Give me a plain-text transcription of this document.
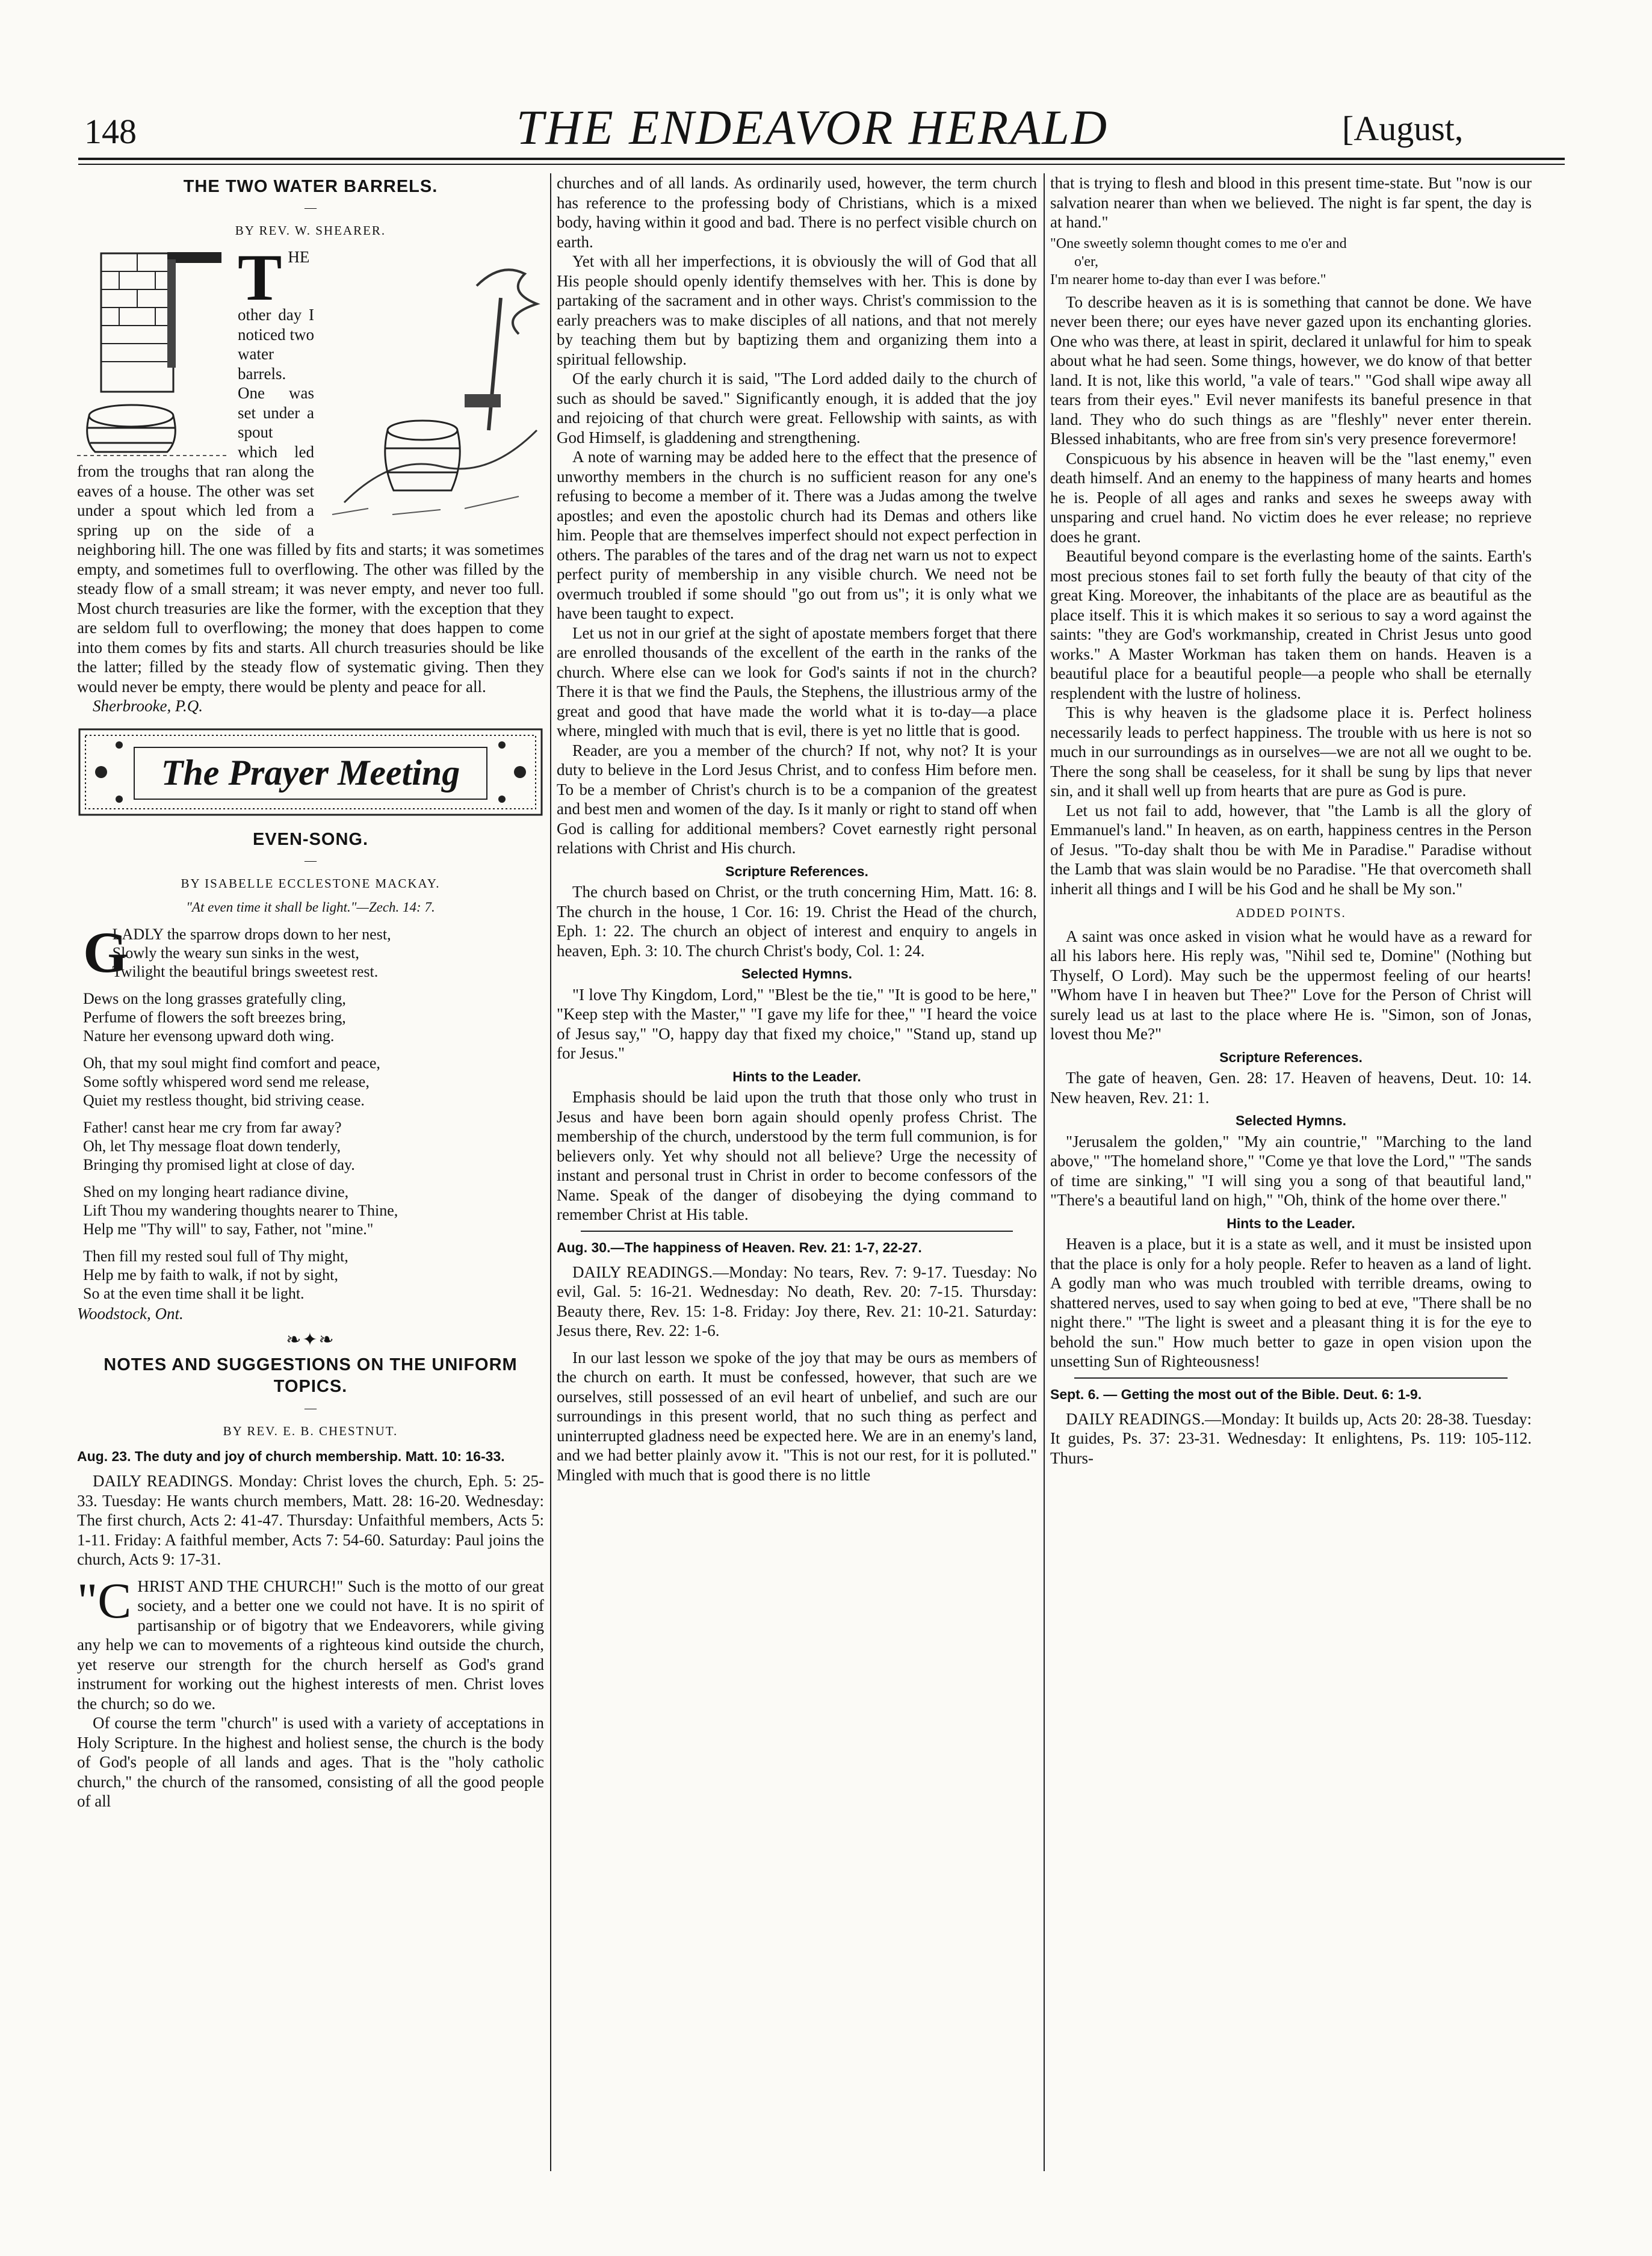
148	THE ENDEAVOR HERALD	[August,
THE TWO WATER BARRELS.
—
BY REV. W. SHEARER.

T HE other day I noticed two water barrels. One was set under a spout which led from the troughs that ran along the eaves of a house. The other was set under a spout which led from a spring up on the side of a neighboring hill. The one was filled by fits and starts; it was sometimes empty, and sometimes full to overflowing. The other was filled by the steady flow of a small stream; it was never empty, and never too full. Most church treasuries are like the former, with the exception that they are seldom full to overflowing; the money that does happen to come into them comes by fits and starts. All church treasuries should be like the latter; filled by the steady flow of systematic giving. Then they would never be empty, there would be plenty and peace for all.

Sherbrooke, P.Q.
The Prayer Meeting
EVEN-SONG.
—
BY ISABELLE ECCLESTONE MACKAY.
"At even time it shall be light."—Zech. 14: 7.
G
LADLY the sparrow drops down to her nest,
Slowly the weary sun sinks in the west,
Twilight the beautiful brings sweetest rest.
Dews on the long grasses gratefully cling,
Perfume of flowers the soft breezes bring,
Nature her evensong upward doth wing.
Oh, that my soul might find comfort and peace,
Some softly whispered word send me release,
Quiet my restless thought, bid striving cease.
Father! canst hear me cry from far away?
Oh, let Thy message float down tenderly,
Bringing thy promised light at close of day.
Shed on my longing heart radiance divine,
Lift Thou my wandering thoughts nearer to Thine,
Help me "Thy will" to say, Father, not "mine."
Then fill my rested soul full of Thy might,
Help me by faith to walk, if not by sight,
So at the even time shall it be light.
Woodstock, Ont.
❧✦❧
NOTES AND SUGGESTIONS ON THE UNIFORM TOPICS.
—
BY REV. E. B. CHESTNUT.
Aug. 23. The duty and joy of church membership. Matt. 10: 16-33.

DAILY READINGS. Monday: Christ loves the church, Eph. 5: 25-33. Tuesday: He wants church members, Matt. 28: 16-20. Wednesday: The first church, Acts 2: 41-47. Thursday: Unfaithful members, Acts 5: 1-11. Friday: A faithful member, Acts 7: 54-60. Saturday: Paul joins the church, Acts 9: 17-31.

"CHRIST AND THE CHURCH!" Such is the motto of our great society, and a better one we could not have. It is no spirit of partisanship or of bigotry that we Endeavorers, while giving any help we can to movements of a righteous kind outside the church, yet reserve our strength for the church herself as God's grand instrument for working out the highest interests of men. Christ loves the church; so do we.

Of course the term "church" is used with a variety of acceptations in Holy Scripture. In the highest and holiest sense, the church is the body of God's people of all lands and ages. That is the "holy catholic church," the church of the ransomed, consisting of all the good people of all

churches and of all lands. As ordinarily used, however, the term church has reference to the professing body of Christians, which is a mixed body, having within it good and bad. There is no perfect visible church on earth.

Yet with all her imperfections, it is obviously the will of God that all His people should openly identify themselves with her. This is done by partaking of the sacrament and in other ways. Christ's commission to the early preachers was to make disciples of all nations, and that not merely by teaching them but by baptizing them and organizing them into a spiritual fellowship.

Of the early church it is said, "The Lord added daily to the church of such as should be saved." Significantly enough, it is added that the joy and rejoicing of that church were great. Fellowship with saints, as with God Himself, is gladdening and strengthening.

A note of warning may be added here to the effect that the presence of unworthy members in the church is no sufficient reason for any one's refusing to become a member of it. There was a Judas among the twelve apostles; and even the apostolic church had its Demas and others like him. People that are themselves imperfect should not expect perfection in others. The parables of the tares and of the drag net warn us not to expect perfect purity of membership in any visible church. We need not be overmuch troubled if some should "go out from us"; it is only what we have been taught to expect.

Let us not in our grief at the sight of apostate members forget that there are enrolled thousands of the excellent of the earth in the ranks of the church. Where else can we look for God's saints if not in the church? There it is that we find the Pauls, the Stephens, the illustrious army of the great and good that have made the world what it is to-day—a place where, mingled with much that is evil, there is yet no little that is good.

Reader, are you a member of the church? If not, why not? It is your duty to believe in the Lord Jesus Christ, and to confess Him before men. To be a member of Christ's church is to be a companion of the greatest and best men and women of the day. Is it manly or right to stand off when God is calling for additional members? Covet earnestly right personal relations with Christ and His church.

Scripture References.

The church based on Christ, or the truth concerning Him, Matt. 16: 8. The church in the house, 1 Cor. 16: 19. Christ the Head of the church, Eph. 1: 22. The church an object of interest and enquiry to angels in heaven, Eph. 3: 10. The church Christ's body, Col. 1: 24.

Selected Hymns.

"I love Thy Kingdom, Lord," "Blest be the tie," "It is good to be here," "Keep step with the Master," "I gave my life for thee," "I heard the voice of Jesus say," "O, happy day that fixed my choice," "Stand up, stand up for Jesus."

Hints to the Leader.

Emphasis should be laid upon the truth that those only who trust in Jesus and have been born again should openly profess Christ. The membership of the church, understood by the term full communion, is for believers only. Yet why should not all believe? Urge the necessity of instant and personal trust in Christ in order to become confessors of the Name. Speak of the danger of disobeying the dying command to remember Christ at His table.

Aug. 30.—The happiness of Heaven. Rev. 21: 1-7, 22-27.

DAILY READINGS.—Monday: No tears, Rev. 7: 9-17. Tuesday: No evil, Gal. 5: 16-21. Wednesday: No death, Rev. 20: 7-15. Thursday: Beauty there, Rev. 15: 1-8. Friday: Joy there, Rev. 21: 10-21. Saturday: Jesus there, Rev. 22: 1-6.

In our last lesson we spoke of the joy that may be ours as members of the church on earth. It must be confessed, however, that such are we ourselves, still possessed of an evil heart of unbelief, and such are our surroundings in this present world, that no such thing as perfect and uninterrupted gladness need be expected here. We are in an enemy's land, and we had better plainly avow it. "This is not our rest, for it is polluted." Mingled with much that is good there is no little

that is trying to flesh and blood in this present time-state. But "now is our salvation nearer than when we believed. The night is far spent, the day is at hand."

"One sweetly solemn thought comes to me o'er and
o'er,
I'm nearer home to-day than ever I was before."

To describe heaven as it is is something that cannot be done. We have never been there; our eyes have never gazed upon its enchanting glories. One who was there, at least in spirit, declared it unlawful for him to speak about what he had seen. Some things, however, we do know of that better land. It is not, like this world, "a vale of tears." "God shall wipe away all tears from their eyes." Evil never manifests its baneful presence in that land. They who do such things as are "fleshly" never enter therein. Blessed inhabitants, who are free from sin's very presence forevermore!

Conspicuous by his absence in heaven will be the "last enemy," even death himself. And an enemy to the happiness of many hearts and homes he is. People of all ages and ranks and sexes he sweeps away with unsparing and cruel hand. No victim does he ever release; no reprieve does he grant.

Beautiful beyond compare is the everlasting home of the saints. Earth's most precious stones fail to set forth fully the beauty of that city of the great King. Moreover, the inhabitants of the place are as beautiful as the place itself. This it is which makes it so serious to say a word against the saints: "they are God's workmanship, created in Christ Jesus unto good works." A Master Workman has taken them on hands. Heaven is a beautiful place for a beautiful people—a people who shall be eternally resplendent with the lustre of holiness.

This is why heaven is the gladsome place it is. Perfect holiness necessarily leads to perfect happiness. The trouble with us here is not so much in our surroundings as in ourselves—we are not all we ought to be. There the song shall be ceaseless, for it shall be sung by lips that never sin, and it shall well up from hearts that are pure as God is pure.

Let us not fail to add, however, that "the Lamb is all the glory of Emmanuel's land." In heaven, as on earth, happiness centres in the Person of Jesus. "To-day shalt thou be with Me in Paradise." Paradise without the Lamb that was slain would be no Paradise. "He that overcometh shall inherit all things and I will be his God and he shall be My son."

ADDED POINTS.

A saint was once asked in vision what he would have as a reward for all his labors here. His reply was, "Nihil sed te, Domine" (Nothing but Thyself, O Lord). May such be the uppermost feeling of our hearts! "Whom have I in heaven but Thee?" Love for the Person of Christ will surely lead us at last to the place where He is. "Simon, son of Jonas, lovest thou Me?"

Scripture References.

The gate of heaven, Gen. 28: 17. Heaven of heavens, Deut. 10: 14. New heaven, Rev. 21: 1.

Selected Hymns.

"Jerusalem the golden," "My ain countrie," "Marching to the land above," "The homeland shore," "Come ye that love the Lord," "The sands of time are sinking," "I will sing you a song of that beautiful land," "There's a beautiful land on high," "Oh, think of the home over there."

Hints to the Leader.

Heaven is a place, but it is a state as well, and it must be insisted upon that the place is only for a holy people. Refer to heaven as a land of light. A godly man who was much troubled with terrible dreams, owing to shattered nerves, used to say when going to bed at eve, "There shall be no night there." "The light is sweet and a pleasant thing it is for the eye to behold the sun." How much better to gaze in open vision upon the unsetting Sun of Righteousness!

Sept. 6. — Getting the most out of the Bible. Deut. 6: 1-9.

DAILY READINGS.—Monday: It builds up, Acts 20: 28-38. Tuesday: It guides, Ps. 37: 23-31. Wednesday: It enlightens, Ps. 119: 105-112. Thurs-
